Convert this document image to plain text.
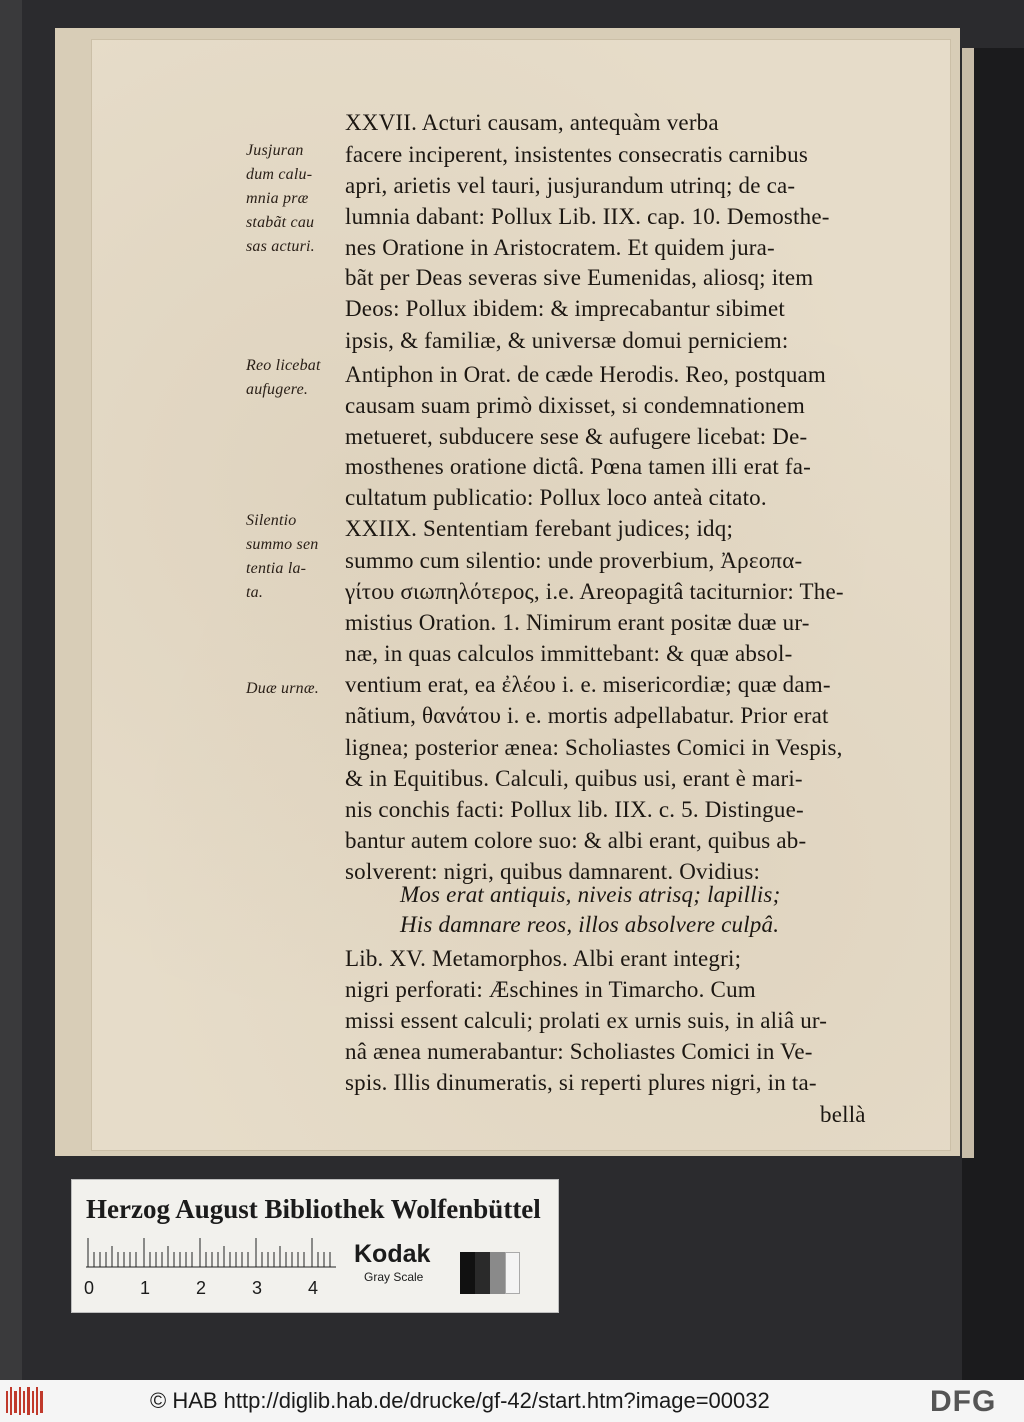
XXVII. Acturi causam, antequàm verba
facere inciperent, insistentes consecratis carnibus
apri, arietis vel tauri, jusjurandum utrinq; de ca-
lumnia dabant: Pollux Lib. IIX. cap. 10. Demosthe-
nes Oratione in Aristocratem. Et quidem jura-
bãt per Deas severas sive Eumenidas, aliosq; item
Deos: Pollux ibidem: & imprecabantur sibimet
ipsis, & familiæ, & universæ domui perniciem:
Antiphon in Orat. de cæde Herodis. Reo, postquam
causam suam primò dixisset, si condemnationem
metueret, subducere sese & aufugere licebat: De-
mosthenes oratione dictâ. Pœna tamen illi erat fa-
cultatum publicatio: Pollux loco anteà citato.
XXIIX. Sententiam ferebant judices; idq;
summo cum silentio: unde proverbium, Ἀρεοπα-
γίτου σιωπηλότερος, i.e. Areopagitâ taciturnior: The-
mistius Oration. 1. Nimirum erant positæ duæ ur-
næ, in quas calculos immittebant: & quæ absol-
ventium erat, ea ἐλέου i. e. misericordiæ; quæ dam-
nãtium, θανάτου i. e. mortis adpellabatur. Prior erat
lignea; posterior ænea: Scholiastes Comici in Vespis,
& in Equitibus. Calculi, quibus usi, erant è mari-
nis conchis facti: Pollux lib. IIX. c. 5. Distingue-
bantur autem colore suo: & albi erant, quibus ab-
solverent: nigri, quibus damnarent. Ovidius:
Mos erat antiquis, niveis atrisq; lapillis;
His damnare reos, illos absolvere culpâ.
Lib. XV. Metamorphos. Albi erant integri;
nigri perforati: Æschines in Timarcho. Cum
missi essent calculi; prolati ex urnis suis, in aliâ ur-
nâ ænea numerabantur: Scholiastes Comici in Ve-
spis. Illis dinumeratis, si reperti plures nigri, in ta-
bellà
Jusjuran
dum calu-
mnia præ
stabãt cau
sas acturi.
Reo licebat
aufugere.
Silentio
summo sen
tentia la-
ta.
Duæ urnæ.
Herzog August Bibliothek Wolfenbüttel
0	1	2	3	4
Kodak
Gray Scale
© HAB http://diglib.hab.de/drucke/gf-42/start.htm?image=00032	DFG
